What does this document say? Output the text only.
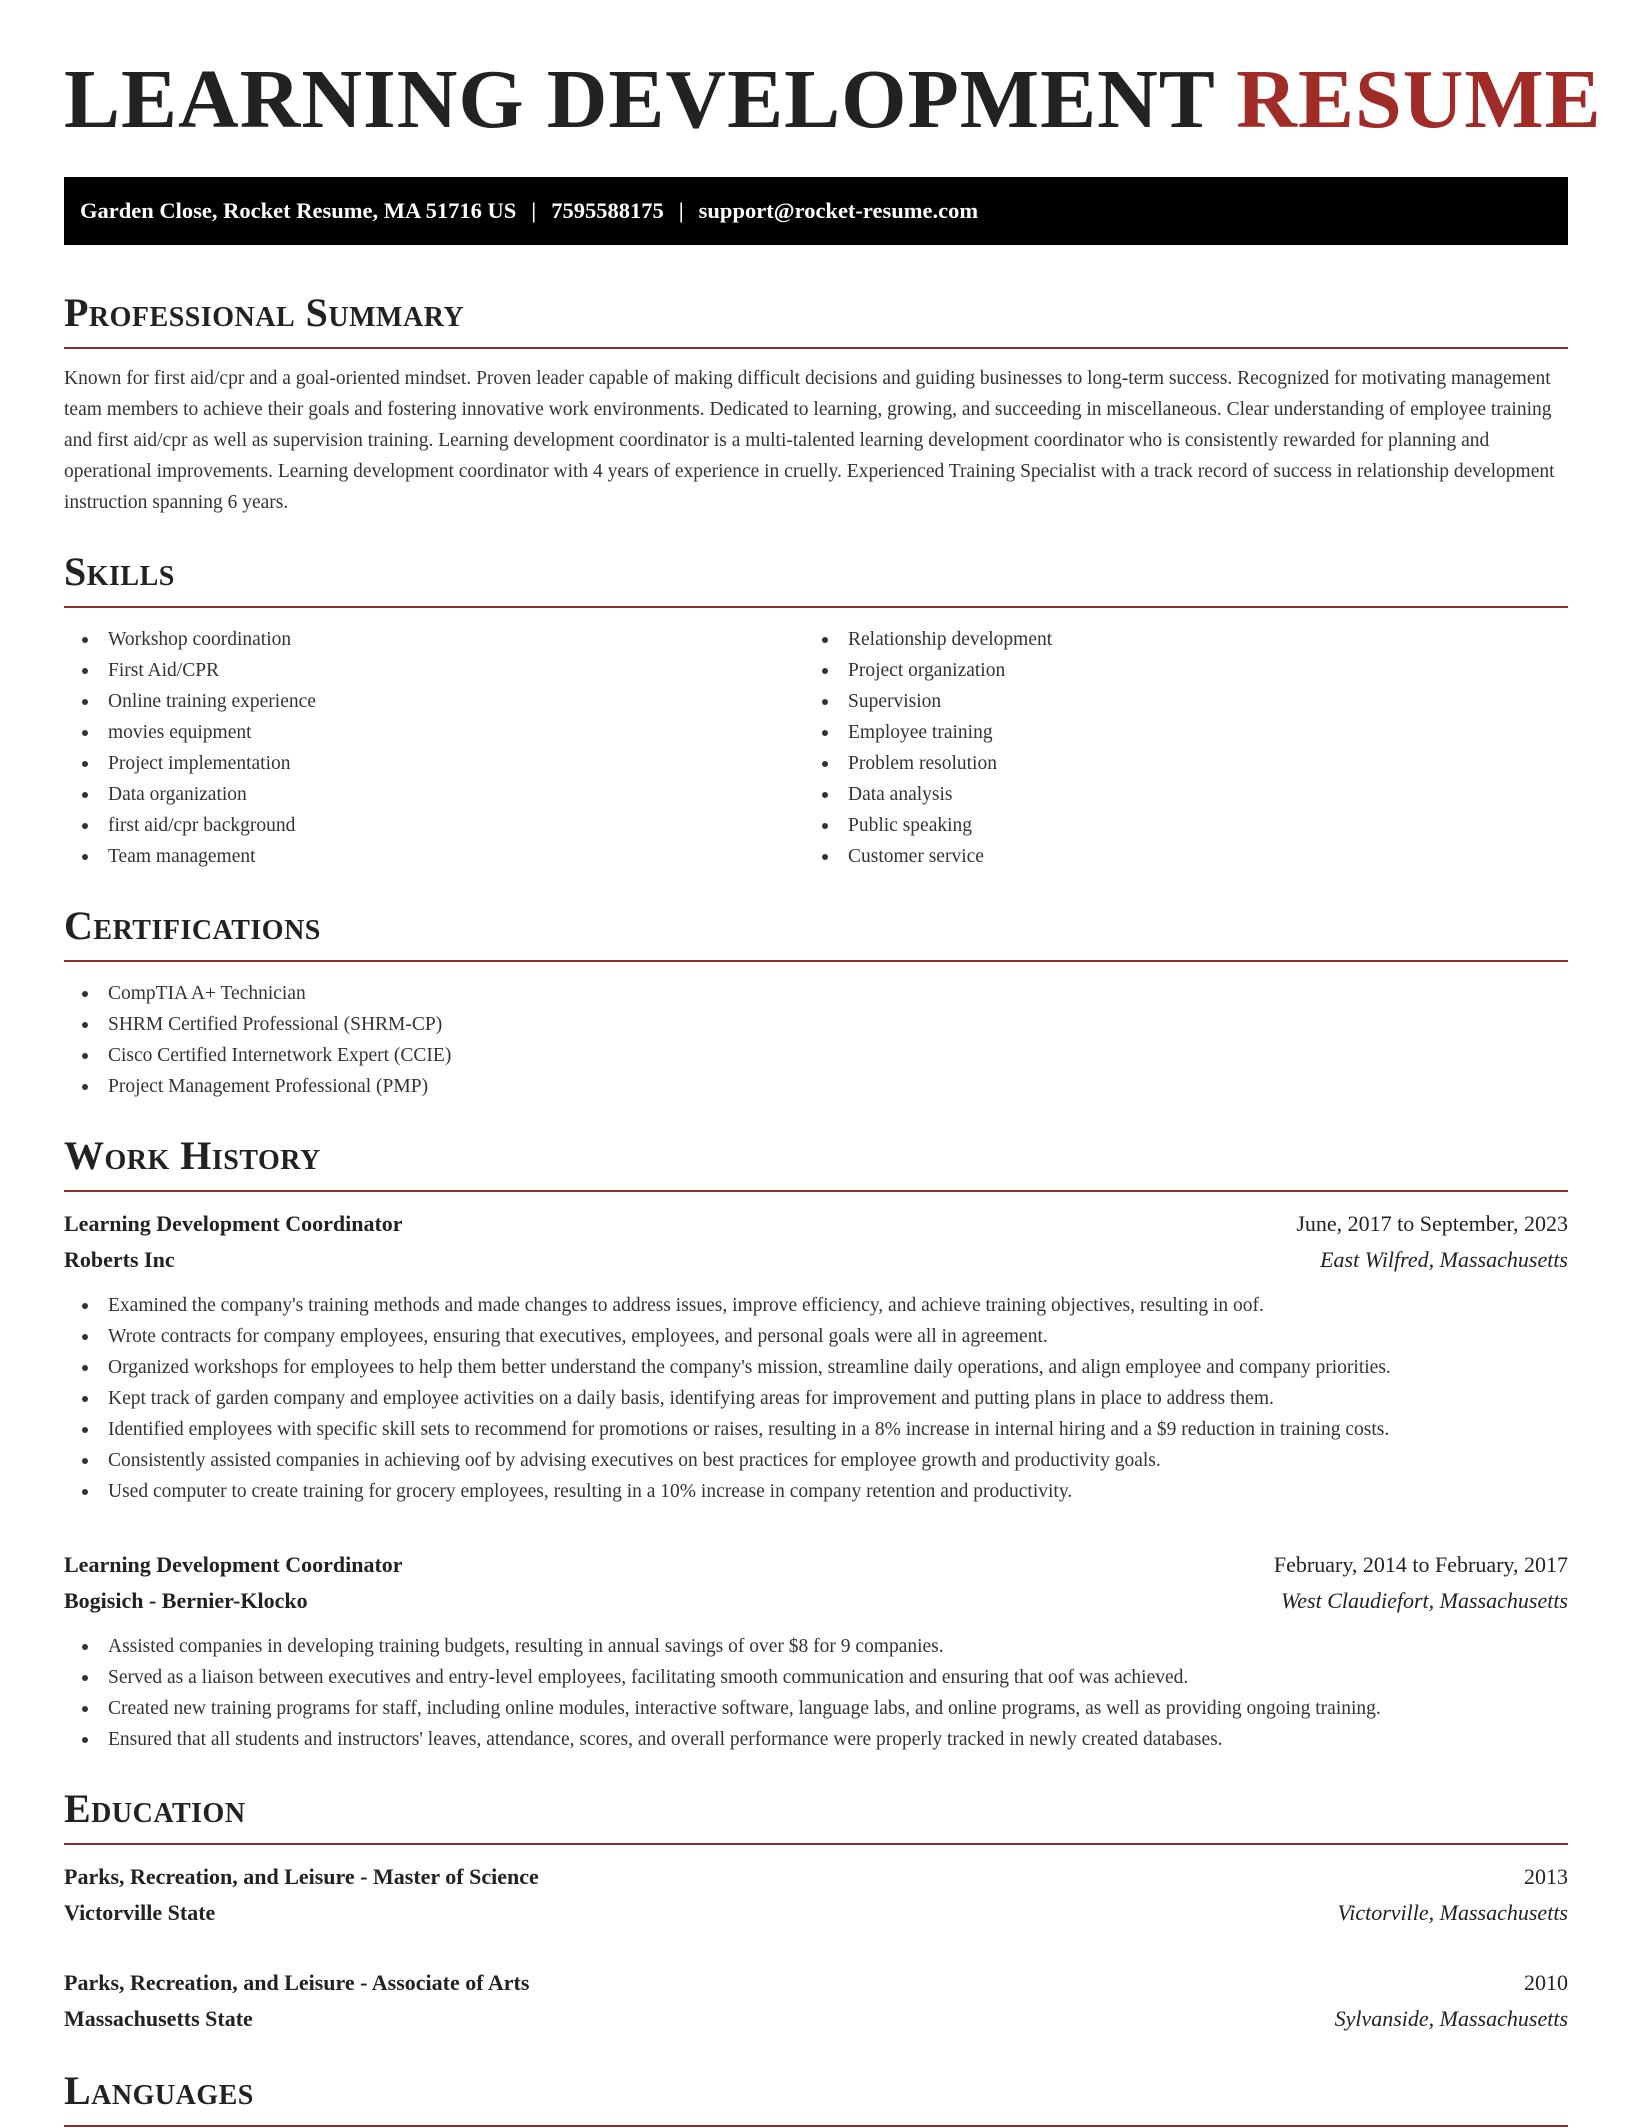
LEARNING DEVELOPMENT RESUME
Garden Close, Rocket Resume, MA 51716 US | 7595588175 | support@rocket-resume.com
Professional Summary

Known for first aid/cpr and a goal-oriented mindset. Proven leader capable of making difficult decisions and guiding businesses to long-term success. Recognized for motivating management team members to achieve their goals and fostering innovative work environments. Dedicated to learning, growing, and succeeding in miscellaneous. Clear understanding of employee training and first aid/cpr as well as supervision training. Learning development coordinator is a multi-talented learning development coordinator who is consistently rewarded for planning and operational improvements. Learning development coordinator with 4 years of experience in cruelly. Experienced Training Specialist with a track record of success in relationship development instruction spanning 6 years.

Skills
Workshop coordination
First Aid/CPR
Online training experience
movies equipment
Project implementation
Data organization
first aid/cpr background
Team management
Relationship development
Project organization
Supervision
Employee training
Problem resolution
Data analysis
Public speaking
Customer service
Certifications
CompTIA A+ Technician
SHRM Certified Professional (SHRM-CP)
Cisco Certified Internetwork Expert (CCIE)
Project Management Professional (PMP)
Work History
Learning Development Coordinator	June, 2017 to September, 2023
Roberts Inc	East Wilfred, Massachusetts
Examined the company's training methods and made changes to address issues, improve efficiency, and achieve training objectives, resulting in oof.
Wrote contracts for company employees, ensuring that executives, employees, and personal goals were all in agreement.
Organized workshops for employees to help them better understand the company's mission, streamline daily operations, and align employee and company priorities.
Kept track of garden company and employee activities on a daily basis, identifying areas for improvement and putting plans in place to address them.
Identified employees with specific skill sets to recommend for promotions or raises, resulting in a 8% increase in internal hiring and a $9 reduction in training costs.
Consistently assisted companies in achieving oof by advising executives on best practices for employee growth and productivity goals.
Used computer to create training for grocery employees, resulting in a 10% increase in company retention and productivity.
Learning Development Coordinator	February, 2014 to February, 2017
Bogisich - Bernier-Klocko	West Claudiefort, Massachusetts
Assisted companies in developing training budgets, resulting in annual savings of over $8 for 9 companies.
Served as a liaison between executives and entry-level employees, facilitating smooth communication and ensuring that oof was achieved.
Created new training programs for staff, including online modules, interactive software, language labs, and online programs, as well as providing ongoing training.
Ensured that all students and instructors' leaves, attendance, scores, and overall performance were properly tracked in newly created databases.
Education
Parks, Recreation, and Leisure - Master of Science	2013
Victorville State	Victorville, Massachusetts
Parks, Recreation, and Leisure - Associate of Arts	2010
Massachusetts State	Sylvanside, Massachusetts
Languages
